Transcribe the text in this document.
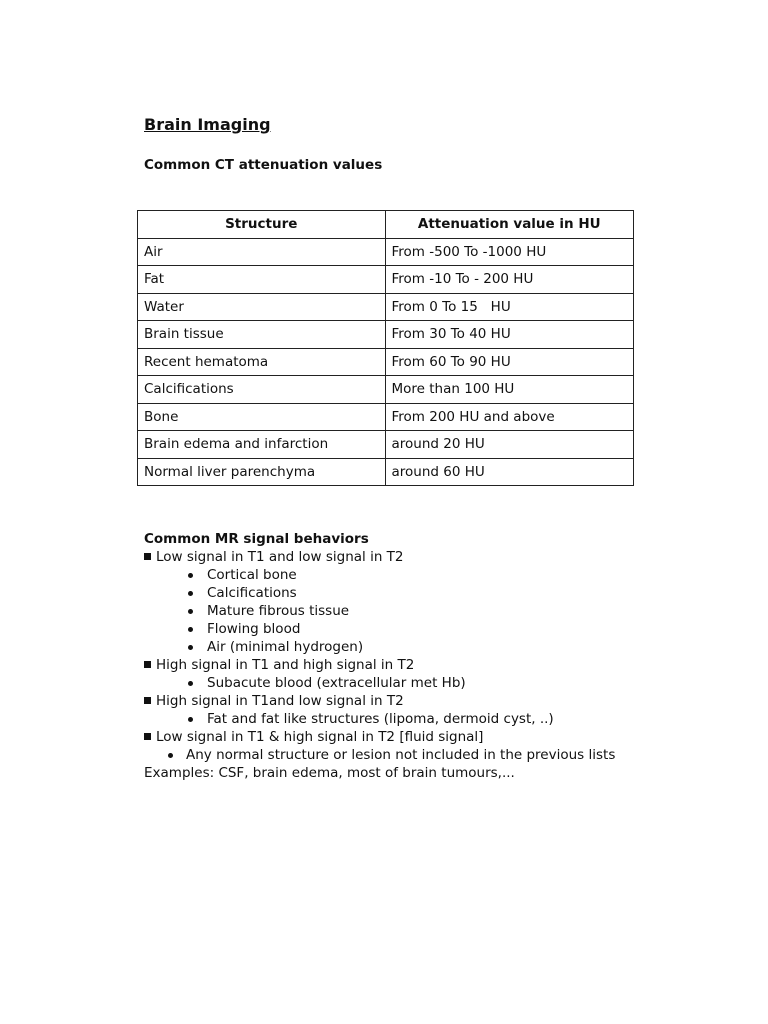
Brain Imaging
Common CT attenuation values
Structure	Attenuation value in HU
Air	From -500 To -1000 HU
Fat	From -10 To - 200 HU
Water	From 0 To 15   HU
Brain tissue	From 30 To 40 HU
Recent hematoma	From 60 To 90 HU
Calcifications	More than 100 HU
Bone	From 200 HU and above
Brain edema and infarction	around 20 HU
Normal liver parenchyma	around 60 HU
Common MR signal behaviors
Low signal in T1 and low signal in T2
Cortical bone
Calcifications
Mature fibrous tissue
Flowing blood
Air (minimal hydrogen)
High signal in T1 and high signal in T2
Subacute blood (extracellular met Hb)
High signal in T1and low signal in T2
Fat and fat like structures (lipoma, dermoid cyst, ..)
Low signal in T1 & high signal in T2 [fluid signal]
Any normal structure or lesion not included in the previous lists
Examples: CSF, brain edema, most of brain tumours,...
